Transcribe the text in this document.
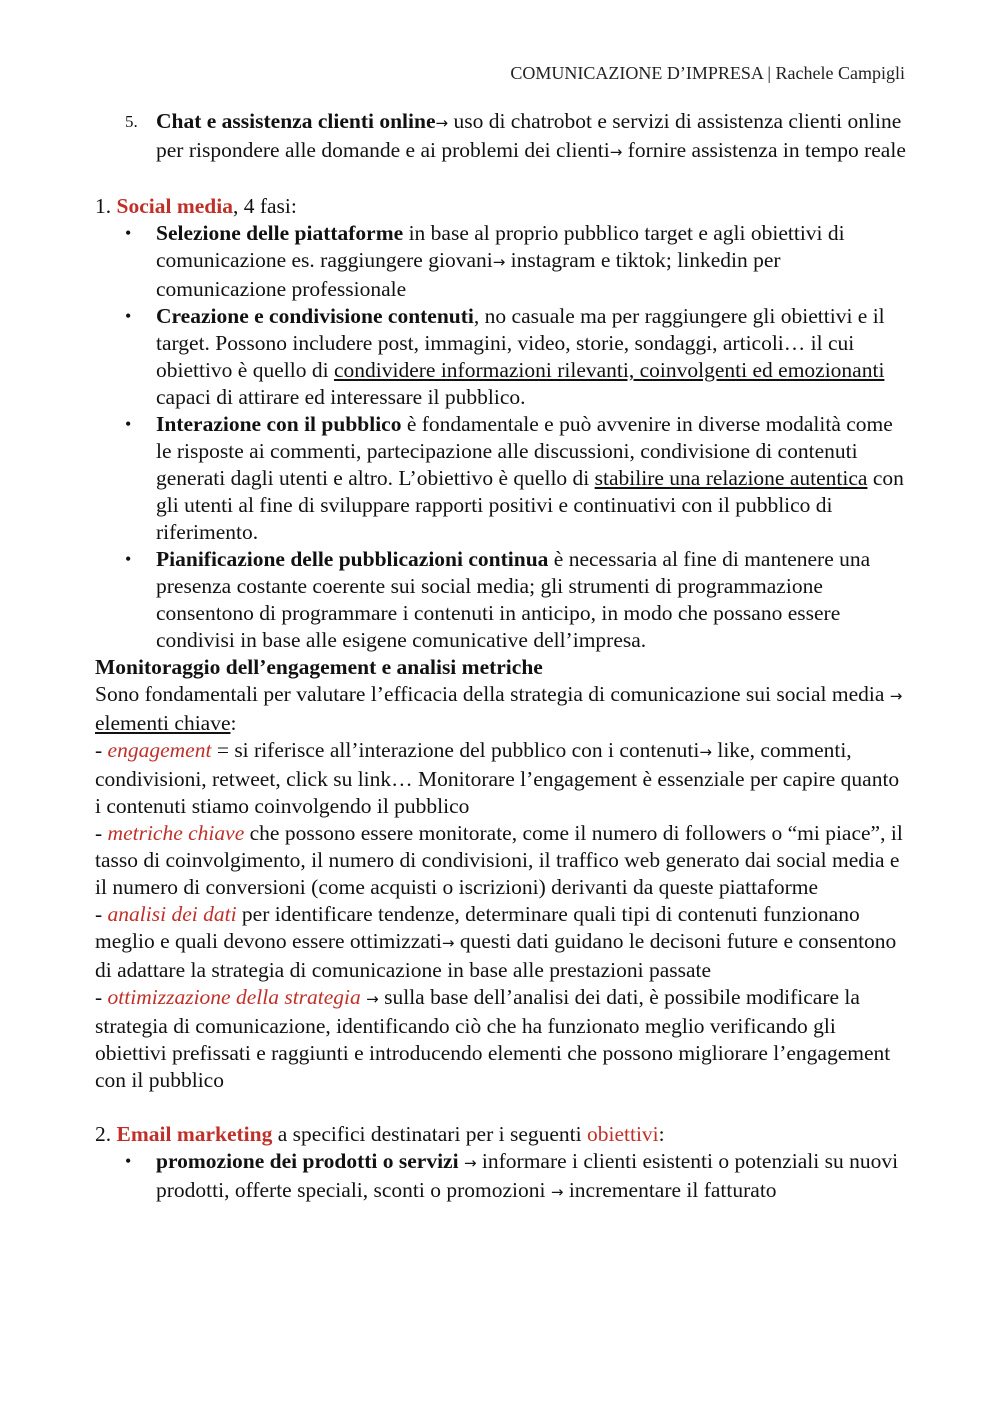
COMUNICAZIONE D’IMPRESA | Rachele Campigli

5. Chat e assistenza clienti online→ uso di chatrobot e servizi di assistenza clienti online per rispondere alle domande e ai problemi dei clienti→ fornire assistenza in tempo reale

1. Social media, 4 fasi:

•	Selezione delle piattaforme in base al proprio pubblico target e agli obiettivi di comunicazione es. raggiungere giovani→ instagram e tiktok; linkedin per comunicazione professionale

•	Creazione e condivisione contenuti, no casuale ma per raggiungere gli obiettivi e il target. Possono includere post, immagini, video, storie, sondaggi, articoli… il cui obiettivo è quello di condividere informazioni rilevanti, coinvolgenti ed emozionanti capaci di attirare ed interessare il pubblico.

•	Interazione con il pubblico è fondamentale e può avvenire in diverse modalità come le risposte ai commenti, partecipazione alle discussioni, condivisione di contenuti generati dagli utenti e altro. L’obiettivo è quello di stabilire una relazione autentica con gli utenti al fine di sviluppare rapporti positivi e continuativi con il pubblico di riferimento.

•	Pianificazione delle pubblicazioni continua è necessaria al fine di mantenere una presenza costante coerente sui social media; gli strumenti di programmazione consentono di programmare i contenuti in anticipo, in modo che possano essere condivisi in base alle esigene comunicative dell’impresa.

Monitoraggio dell’engagement e analisi metriche

Sono fondamentali per valutare l’efficacia della strategia di comunicazione sui social media → elementi chiave:

- engagement = si riferisce all’interazione del pubblico con i contenuti→ like, commenti, condivisioni, retweet, click su link… Monitorare l’engagement è essenziale per capire quanto i contenuti stiamo coinvolgendo il pubblico

- metriche chiave che possono essere monitorate, come il numero di followers o “mi piace”, il tasso di coinvolgimento, il numero di condivisioni, il traffico web generato dai social media e il numero di conversioni (come acquisti o iscrizioni) derivanti da queste piattaforme

- analisi dei dati per identificare tendenze, determinare quali tipi di contenuti funzionano meglio e quali devono essere ottimizzati→ questi dati guidano le decisoni future e consentono di adattare la strategia di comunicazione in base alle prestazioni passate

- ottimizzazione della strategia → sulla base dell’analisi dei dati, è possibile modificare la strategia di comunicazione, identificando ciò che ha funzionato meglio verificando gli obiettivi prefissati e raggiunti e introducendo elementi che possono migliorare l’engagement con il pubblico

2. Email marketing a specifici destinatari per i seguenti obiettivi:

•	promozione dei prodotti o servizi → informare i clienti esistenti o potenziali su nuovi prodotti, offerte speciali, sconti o promozioni → incrementare il fatturato
